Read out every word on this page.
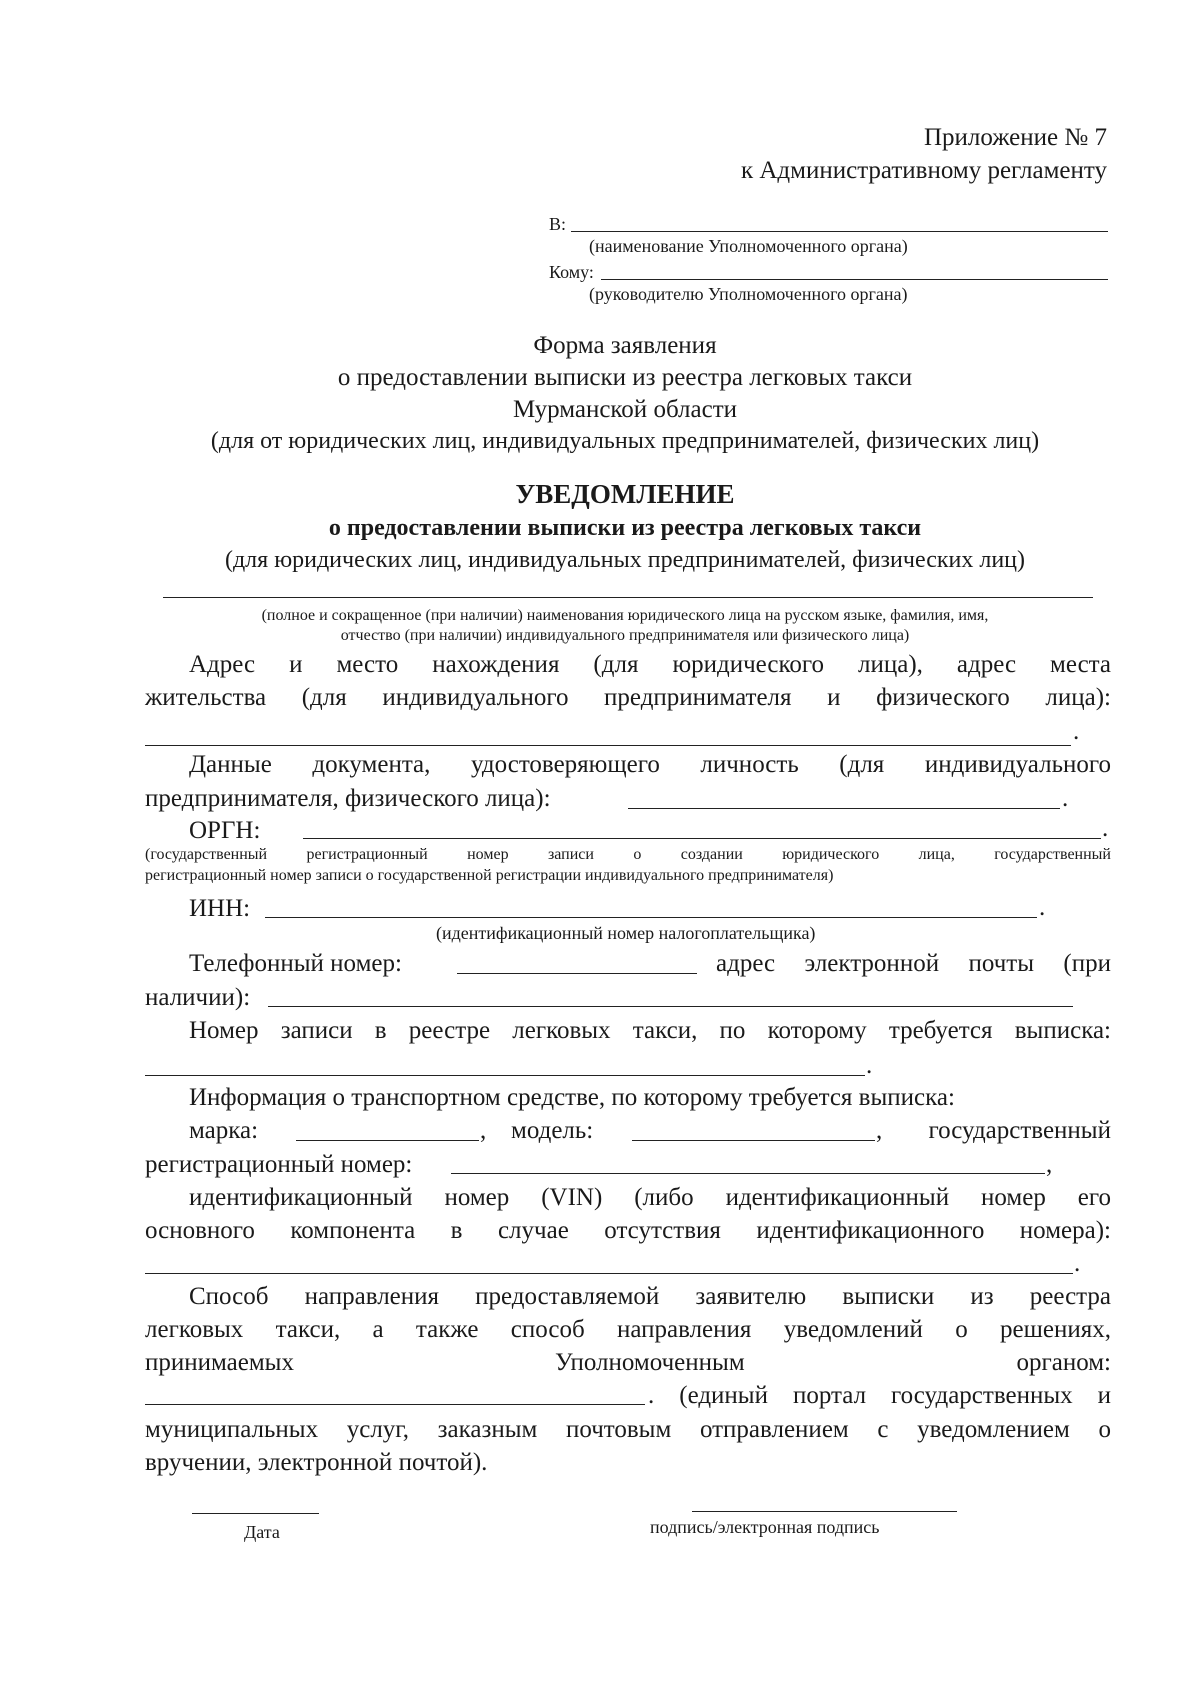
Приложение № 7
к Административному регламенту
В:
(наименование Уполномоченного органа)
Кому:
(руководителю Уполномоченного органа)
Форма заявления
о предоставлении выписки из реестра легковых такси
Мурманской области
(для от юридических лиц, индивидуальных предпринимателей, физических лиц)
УВЕДОМЛЕНИЕ
о предоставлении выписки из реестра легковых такси
(для юридических лиц, индивидуальных предпринимателей, физических лиц)
(полное и сокращенное (при наличии) наименования юридического лица на русском языке, фамилия, имя,
отчество (при наличии) индивидуального предпринимателя или физического лица)
Адрес и место нахождения (для юридического лица), адрес места
жительства (для индивидуального предпринимателя и физического лица):
.
Данные документа, удостоверяющего личность (для индивидуального
предпринимателя, физического лица):	.
ОРГН:	.
(государственный регистрационный номер записи о создании юридического лица, государственный
регистрационный номер записи о государственной регистрации индивидуального предпринимателя)
ИНН:	.
(идентификационный номер налогоплательщика)
Телефонный номер:	адрес электронной почты (при
наличии):
Номер записи в реестре легковых такси, по которому требуется выписка:
.
Информация о транспортном средстве, по которому требуется выписка:
марка:	, модель:	, государственный
регистрационный номер:	,
идентификационный номер (VIN) (либо идентификационный номер его
основного компонента в случае отсутствия идентификационного номера):
.
Способ направления предоставляемой заявителю выписки из реестра
легковых такси, а также способ направления уведомлений о решениях,
принимаемых	Уполномоченным	органом:
. (единый портал государственных и
муниципальных услуг, заказным почтовым отправлением с уведомлением о
вручении, электронной почтой).
Дата	подпись/электронная подпись
